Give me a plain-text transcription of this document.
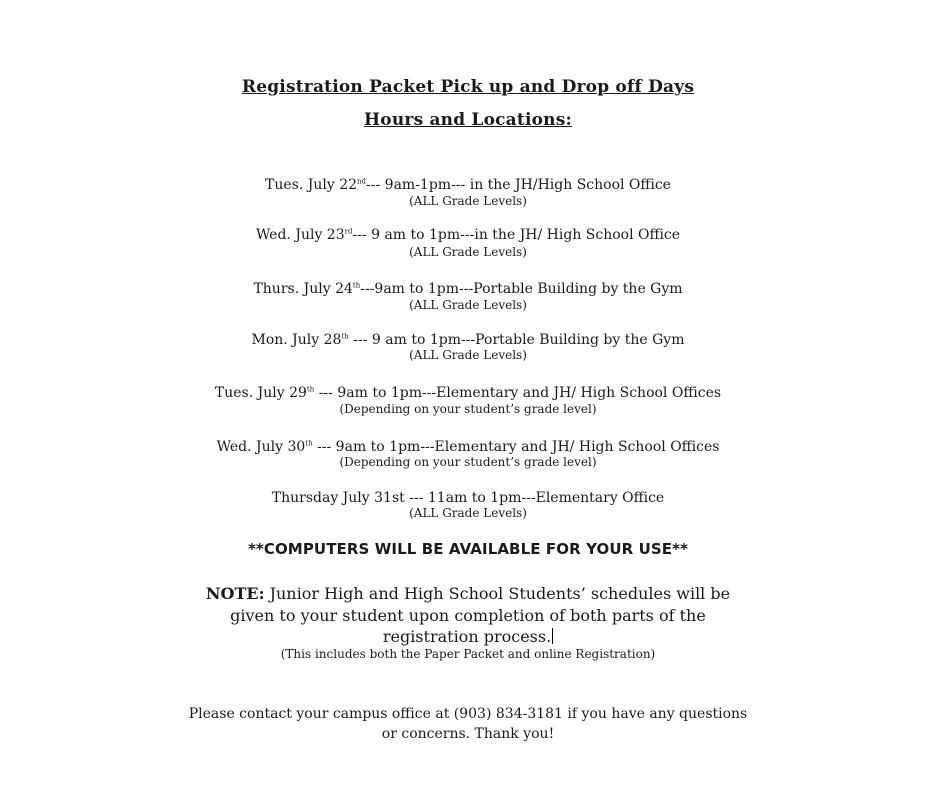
Registration Packet Pick up and Drop off Days
Hours and Locations:
Tues. July 22nd--- 9am-1pm--- in the JH/High School Office
(ALL Grade Levels)
Wed. July 23rd--- 9 am to 1pm---in the JH/ High School Office
(ALL Grade Levels)
Thurs. July 24th---9am to 1pm---Portable Building by the Gym
(ALL Grade Levels)
Mon. July 28th --- 9 am to 1pm---Portable Building by the Gym
(ALL Grade Levels)
Tues. July 29th --- 9am to 1pm---Elementary and JH/ High School Offices
(Depending on your student’s grade level)
Wed. July 30th --- 9am to 1pm---Elementary and JH/ High School Offices
(Depending on your student’s grade level)
Thursday July 31st --- 11am to 1pm---Elementary Office
(ALL Grade Levels)
**COMPUTERS WILL BE AVAILABLE FOR YOUR USE**
NOTE: Junior High and High School Students’ schedules will be
given to your student upon completion of both parts of the
registration process.
(This includes both the Paper Packet and online Registration)
Please contact your campus office at (903) 834-3181 if you have any questions
or concerns. Thank you!
